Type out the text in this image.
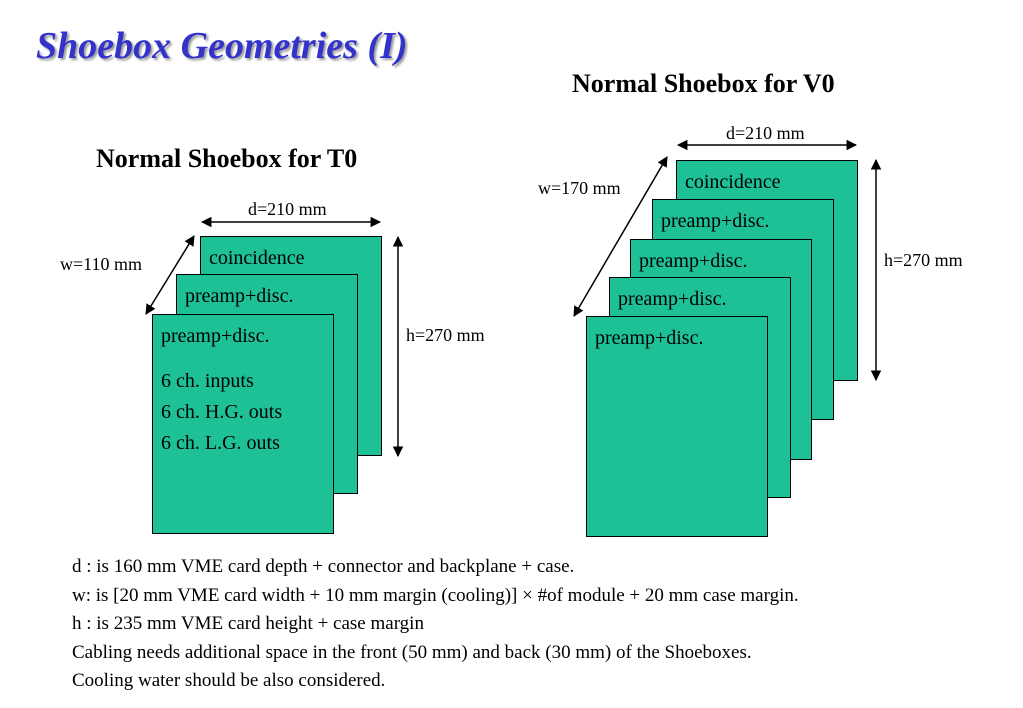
Shoebox Geometries (I)
Normal Shoebox for T0
Normal Shoebox for V0
d=210 mm
w=110 mm
h=270 mm
d=210 mm
w=170 mm
h=270 mm
coincidence
preamp+disc.
preamp+disc.
6 ch. inputs
6 ch. H.G. outs
6 ch. L.G. outs
coincidence
preamp+disc.
preamp+disc.
preamp+disc.
preamp+disc.
d : is 160 mm VME card depth + connector and backplane + case.
w: is [20 mm VME card width + 10 mm margin (cooling)] × #of module + 20 mm case margin.
h : is 235 mm VME card height + case margin
Cabling needs additional space in the front (50 mm) and back (30 mm) of the Shoeboxes.
Cooling water should be also considered.
